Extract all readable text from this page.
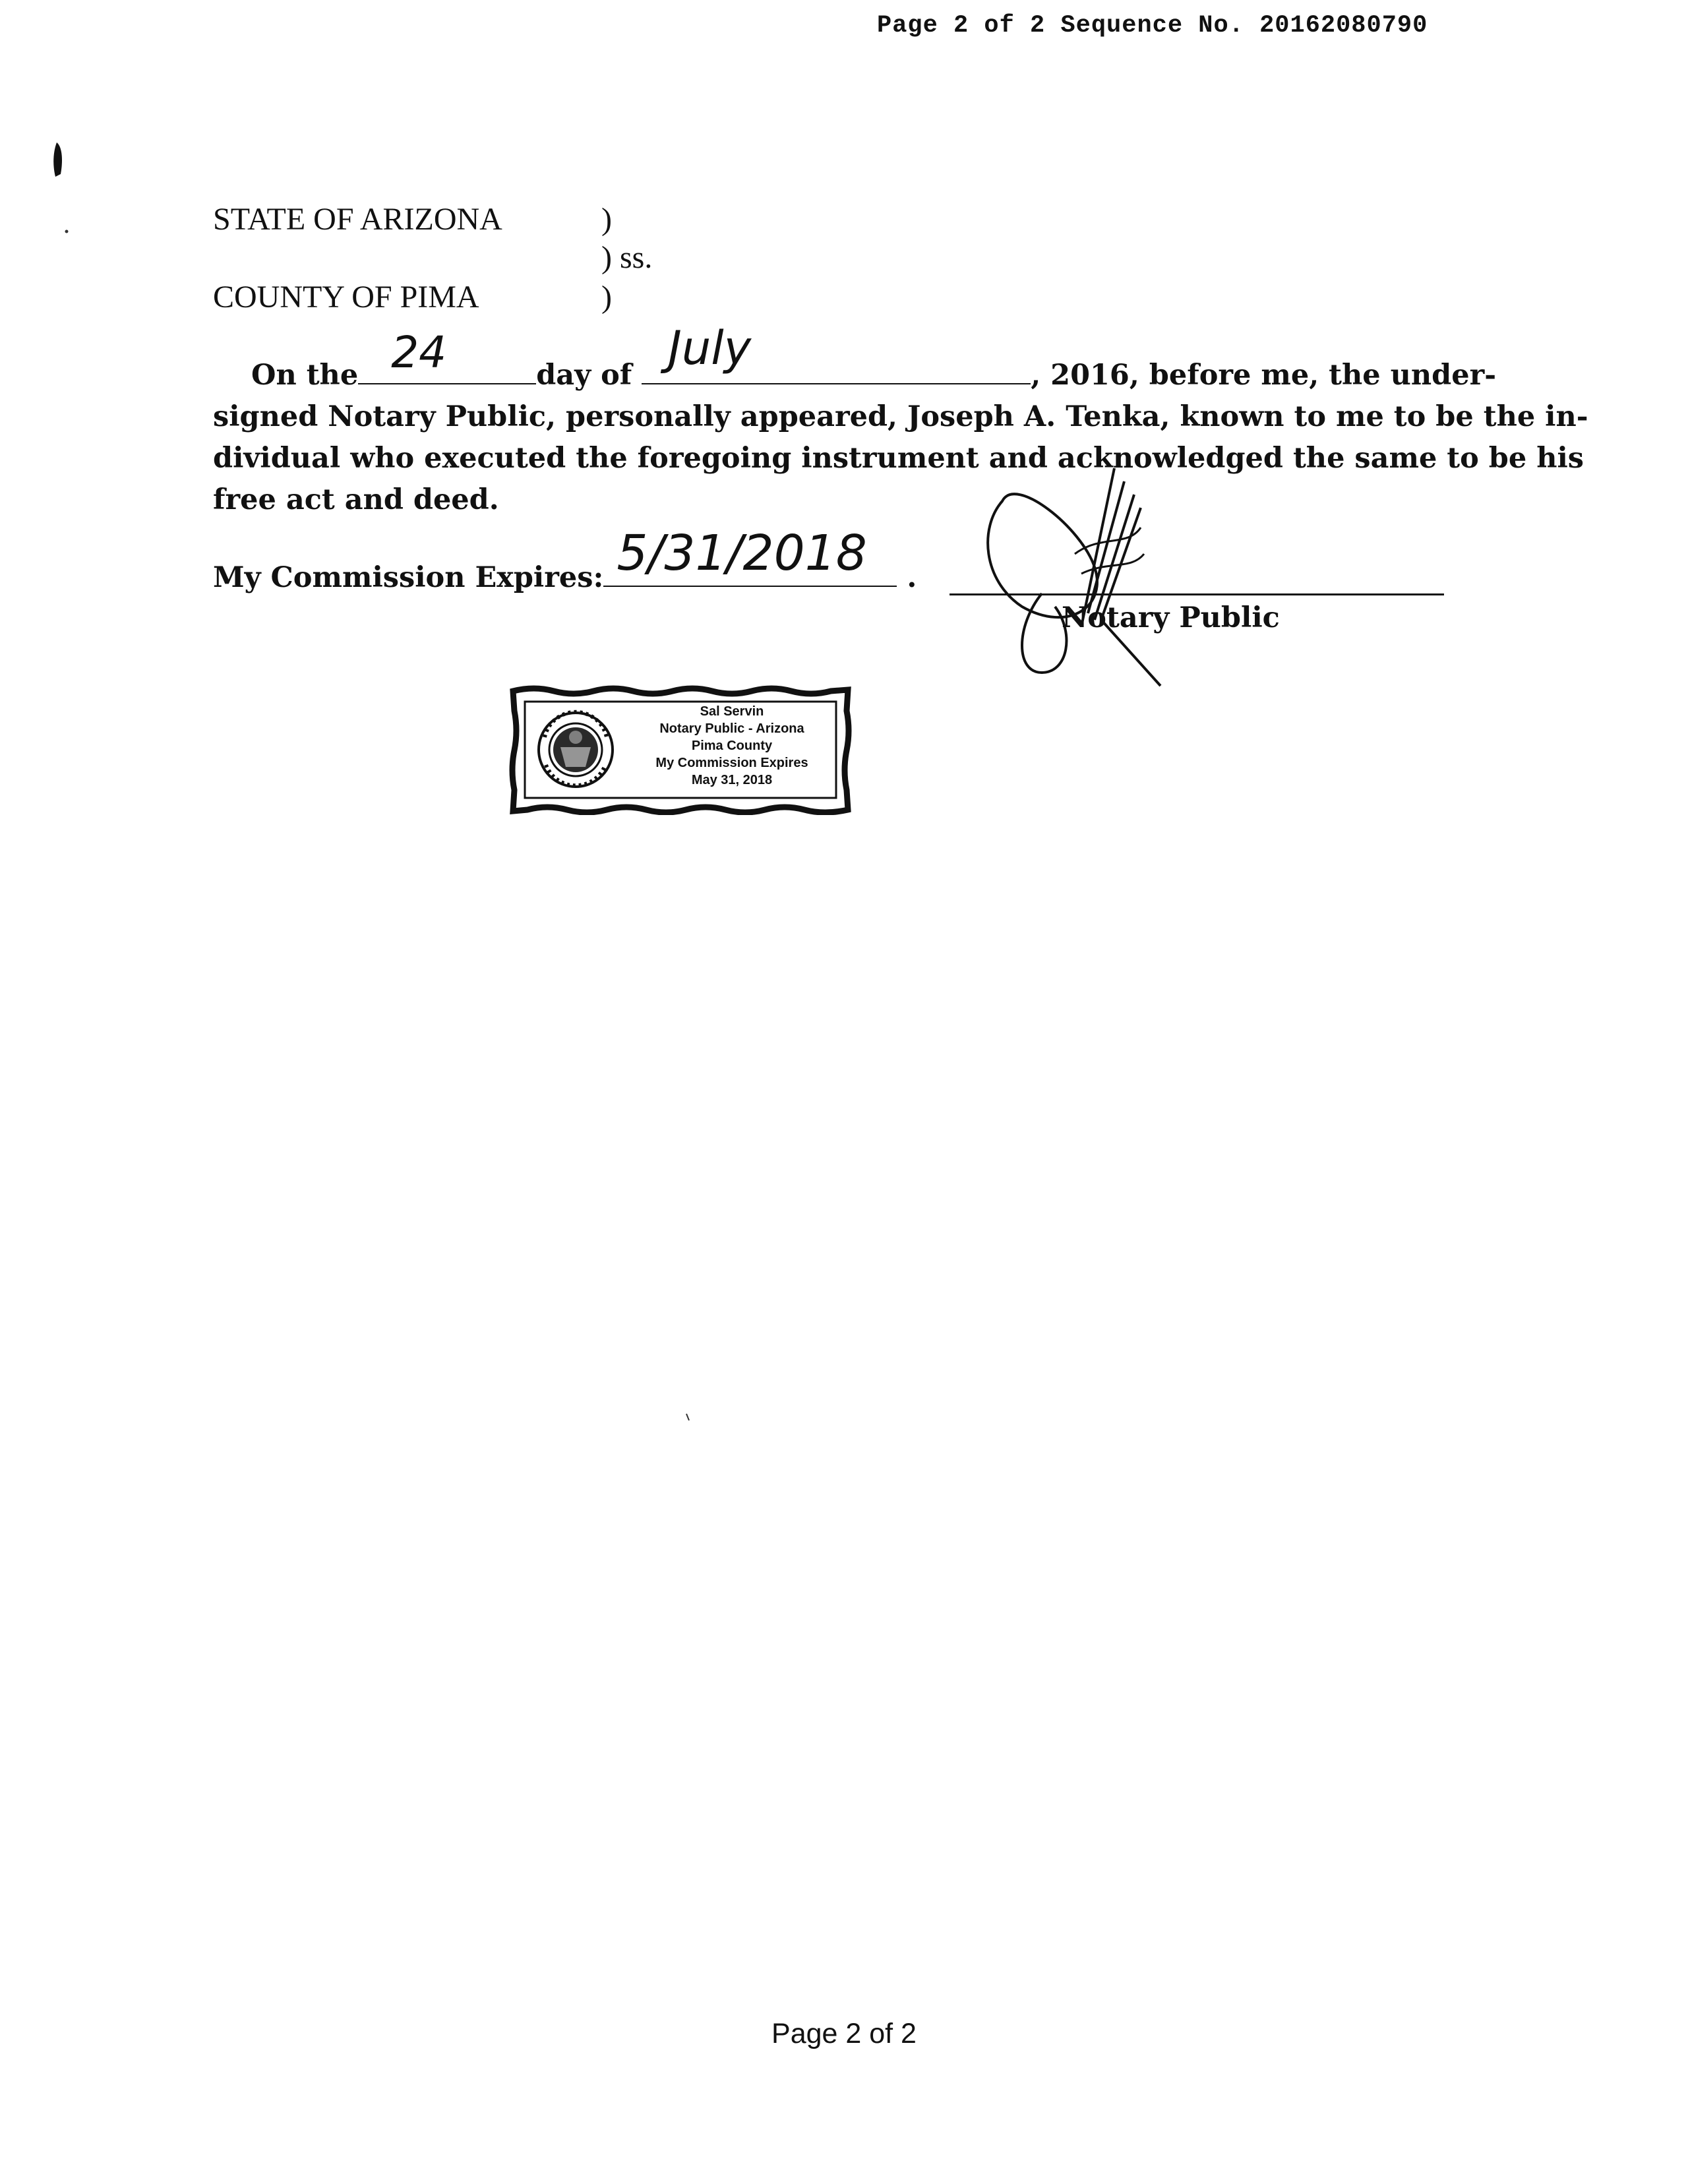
Page 2 of 2 Sequence No. 20162080790
STATE OF ARIZONA	)
) ss.
COUNTY OF PIMA	)
On the 24	day of July	, 2016, before me, the under-
signed Notary Public, personally appeared, Joseph A. Tenka, known to me to be the in-
dividual who executed the foregoing instrument and acknowledged the same to be his
free act and deed.
My Commission Expires: 5/31/2018 .
Notary Public
Sal Servin
Notary Public - Arizona
Pima County
My Commission Expires
May 31, 2018
Page 2 of 2
